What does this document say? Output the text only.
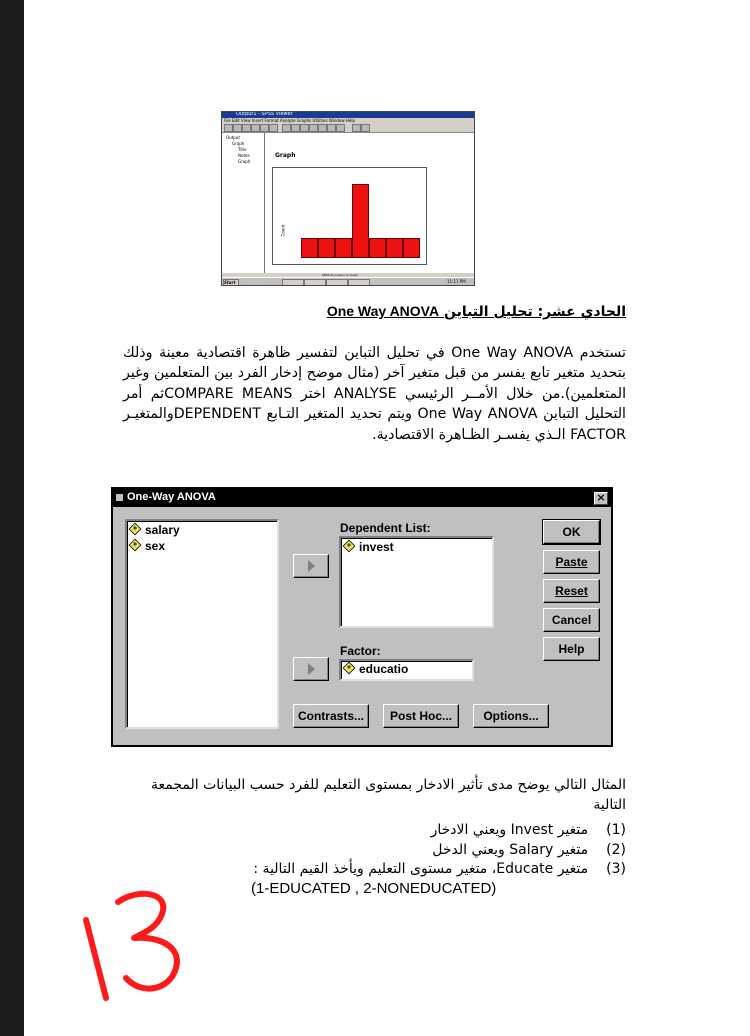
Output1 - SPSS Viewer
File Edit View Insert Format Analyze Graphs Utilities Window Help
Output
Graph
Title
Notes
Graph
Graph
Count
SPSS Processor is ready
Start	11:17 PM
الحادي عشر: تحليل التباين One Way ANOVA
تستخدم One Way ANOVA في تحليل التباين لتفسير ظاهرة اقتصادية معينة وذلك بتحديد متغير تابع يفسر من قبل متغير آخر (مثال موضح إدخار الفرد بين المتعلمين وغير المتعلمين).من خلال الأمــر الرئيسي ANALYSE اختر COMPARE MEANSثم أمر التحليل التباين One Way ANOVA ويتم تحديد المتغير التـابع DEPENDENTوالمتغيـر FACTOR الـذي يفسـر الظـاهرة الاقتصادية.
One-Way ANOVA	×
salary
sex
Dependent List:
invest
Factor:
educatio
OK
Paste
Reset
Cancel
Help
Contrasts...	Post Hoc...	Options...
المثال التالي يوضح مدى تأثير الادخار بمستوى التعليم للفرد حسب البيانات المجمعة التالية
(1)متغير Invest ويعني الادخار
(2)متغير Salary ويعني الدخل
(3)متغير Educate، متغير مستوى التعليم ويأخذ القيم التالية :
(1-EDUCATED , 2-NONEDUCATED)
